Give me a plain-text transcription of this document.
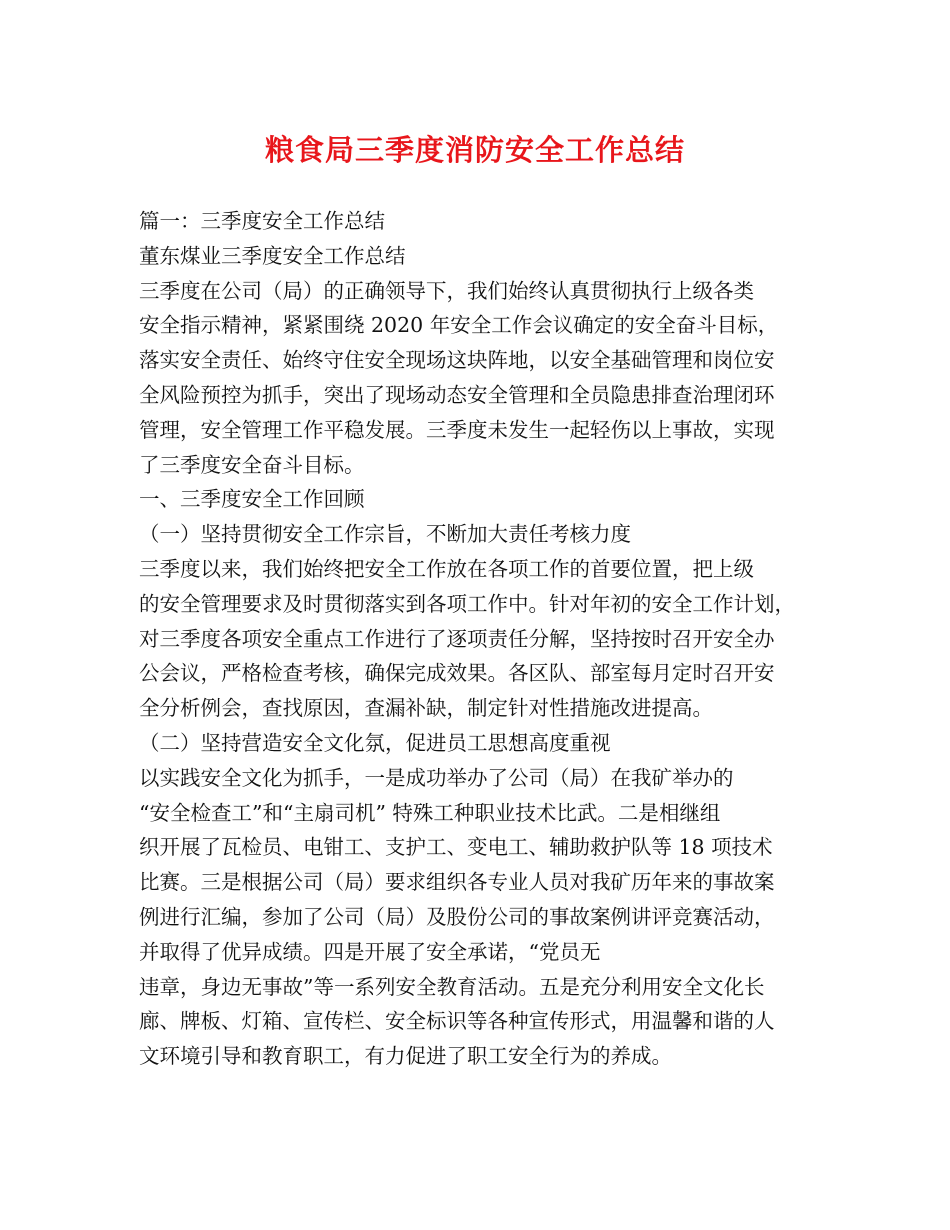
粮食局三季度消防安全工作总结
篇一：三季度安全工作总结
董东煤业三季度安全工作总结
三季度在公司（局）的正确领导下，我们始终认真贯彻执行上级各类
安全指示精神，紧紧围绕 2020 年安全工作会议确定的安全奋斗目标，
落实安全责任、始终守住安全现场这块阵地，以安全基础管理和岗位安
全风险预控为抓手，突出了现场动态安全管理和全员隐患排查治理闭环
管理，安全管理工作平稳发展。三季度未发生一起轻伤以上事故，实现
了三季度安全奋斗目标。
一、三季度安全工作回顾
（一）坚持贯彻安全工作宗旨，不断加大责任考核力度
三季度以来，我们始终把安全工作放在各项工作的首要位置，把上级
的安全管理要求及时贯彻落实到各项工作中。针对年初的安全工作计划，
对三季度各项安全重点工作进行了逐项责任分解，坚持按时召开安全办
公会议，严格检查考核，确保完成效果。各区队、部室每月定时召开安
全分析例会，查找原因，查漏补缺，制定针对性措施改进提高。
（二）坚持营造安全文化氛，促进员工思想高度重视
以实践安全文化为抓手，一是成功举办了公司（局）在我矿举办的
“安全检查工”和“主扇司机” 特殊工种职业技术比武。二是相继组
织开展了瓦检员、电钳工、支护工、变电工、辅助救护队等 18 项技术
比赛。三是根据公司（局）要求组织各专业人员对我矿历年来的事故案
例进行汇编，参加了公司（局）及股份公司的事故案例讲评竞赛活动，
并取得了优异成绩。四是开展了安全承诺，“党员无
违章，身边无事故”等一系列安全教育活动。五是充分利用安全文化长
廊、牌板、灯箱、宣传栏、安全标识等各种宣传形式，用温馨和谐的人
文环境引导和教育职工，有力促进了职工安全行为的养成。
